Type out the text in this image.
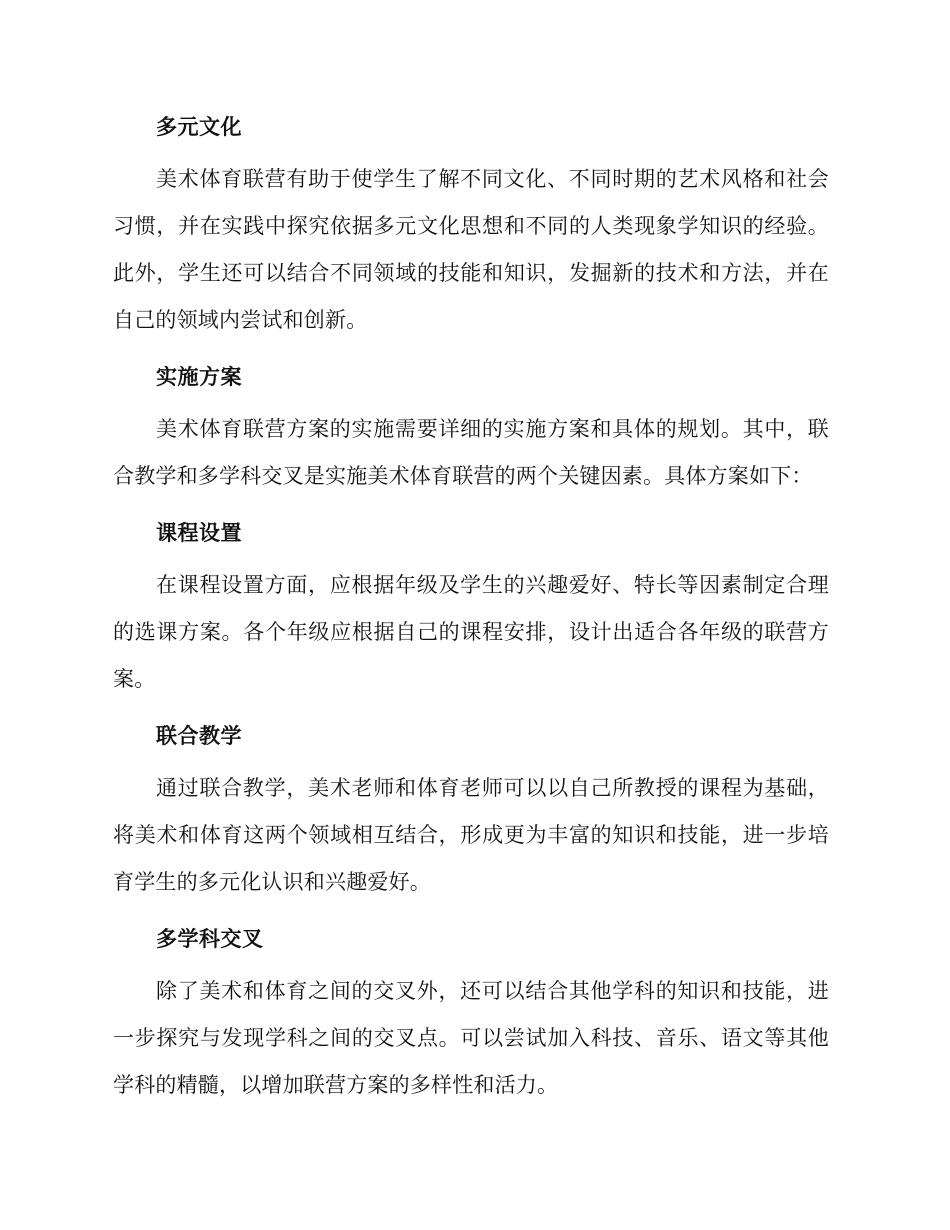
多元文化

美术体育联营有助于使学生了解不同文化、不同时期的艺术风格和社会习惯，并在实践中探究依据多元文化思想和不同的人类现象学知识的经验。此外，学生还可以结合不同领域的技能和知识，发掘新的技术和方法，并在自己的领域内尝试和创新。

实施方案

美术体育联营方案的实施需要详细的实施方案和具体的规划。其中，联合教学和多学科交叉是实施美术体育联营的两个关键因素。具体方案如下：

课程设置

在课程设置方面，应根据年级及学生的兴趣爱好、特长等因素制定合理的选课方案。各个年级应根据自己的课程安排，设计出适合各年级的联营方案。

联合教学

通过联合教学，美术老师和体育老师可以以自己所教授的课程为基础，将美术和体育这两个领域相互结合，形成更为丰富的知识和技能，进一步培育学生的多元化认识和兴趣爱好。

多学科交叉

除了美术和体育之间的交叉外，还可以结合其他学科的知识和技能，进一步探究与发现学科之间的交叉点。可以尝试加入科技、音乐、语文等其他学科的精髓，以增加联营方案的多样性和活力。
